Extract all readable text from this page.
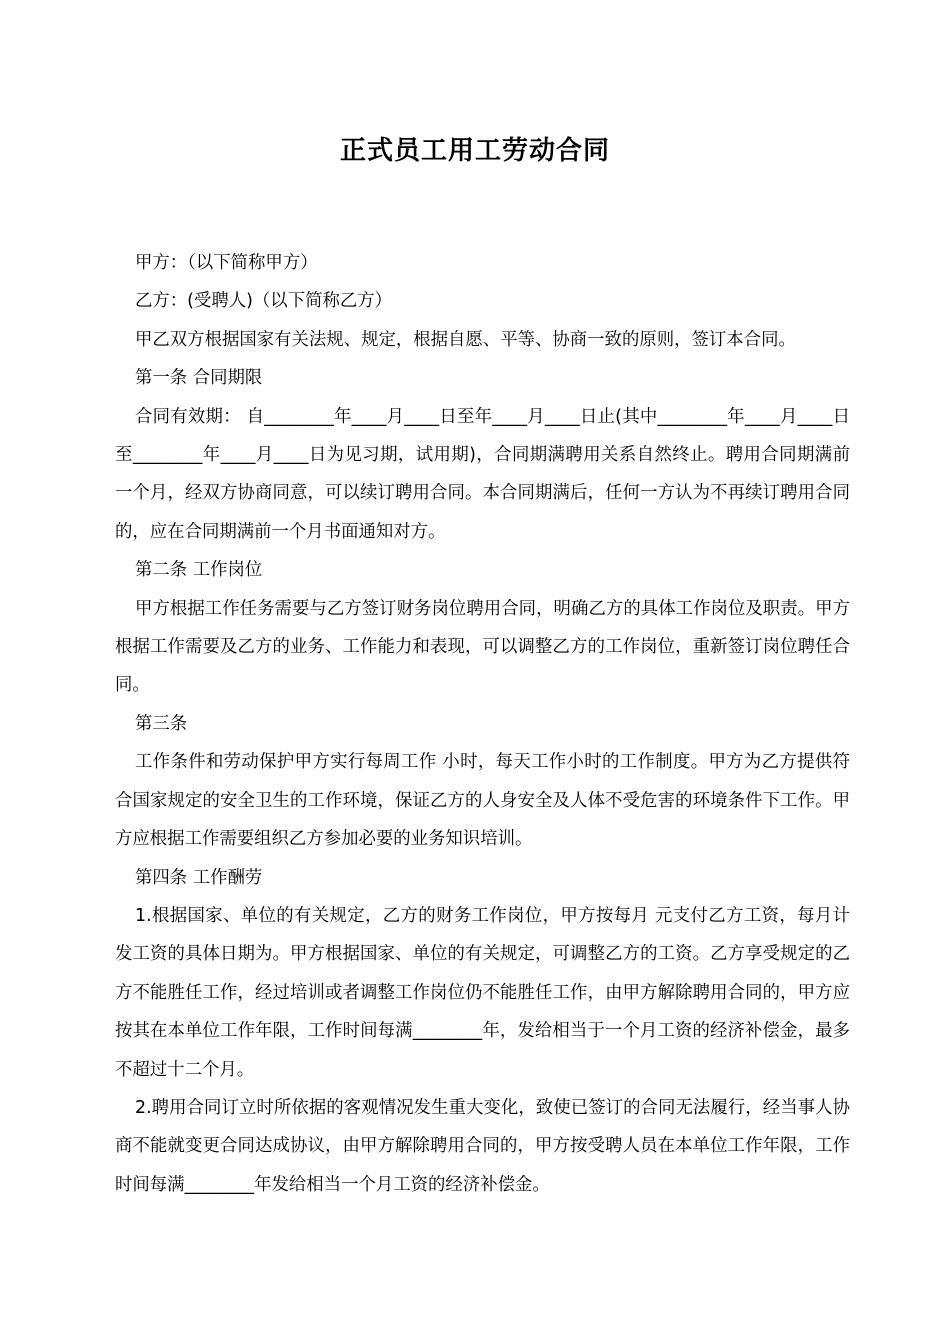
正式员工用工劳动合同

甲方：（以下简称甲方）

乙方：(受聘人)（以下简称乙方）

甲乙双方根据国家有关法规、规定，根据自愿、平等、协商一致的原则，签订本合同。

第一条 合同期限

合同有效期： 自________年____月____日至年____月____日止(其中________年____月____日至________年____月____日为见习期，试用期)，合同期满聘用关系自然终止。聘用合同期满前一个月，经双方协商同意，可以续订聘用合同。本合同期满后，任何一方认为不再续订聘用合同的，应在合同期满前一个月书面通知对方。

第二条 工作岗位

甲方根据工作任务需要与乙方签订财务岗位聘用合同，明确乙方的具体工作岗位及职责。甲方根据工作需要及乙方的业务、工作能力和表现，可以调整乙方的工作岗位，重新签订岗位聘任合同。

第三条

工作条件和劳动保护甲方实行每周工作 小时，每天工作小时的工作制度。甲方为乙方提供符合国家规定的安全卫生的工作环境，保证乙方的人身安全及人体不受危害的环境条件下工作。甲方应根据工作需要组织乙方参加必要的业务知识培训。

第四条 工作酬劳

1.根据国家、单位的有关规定，乙方的财务工作岗位，甲方按每月 元支付乙方工资，每月计发工资的具体日期为。甲方根据国家、单位的有关规定，可调整乙方的工资。乙方享受规定的乙方不能胜任工作，经过培训或者调整工作岗位仍不能胜任工作，由甲方解除聘用合同的，甲方应按其在本单位工作年限，工作时间每满________年，发给相当于一个月工资的经济补偿金，最多不超过十二个月。

2.聘用合同订立时所依据的客观情况发生重大变化，致使已签订的合同无法履行，经当事人协商不能就变更合同达成协议，由甲方解除聘用合同的，甲方按受聘人员在本单位工作年限，工作时间每满________年发给相当一个月工资的经济补偿金。
